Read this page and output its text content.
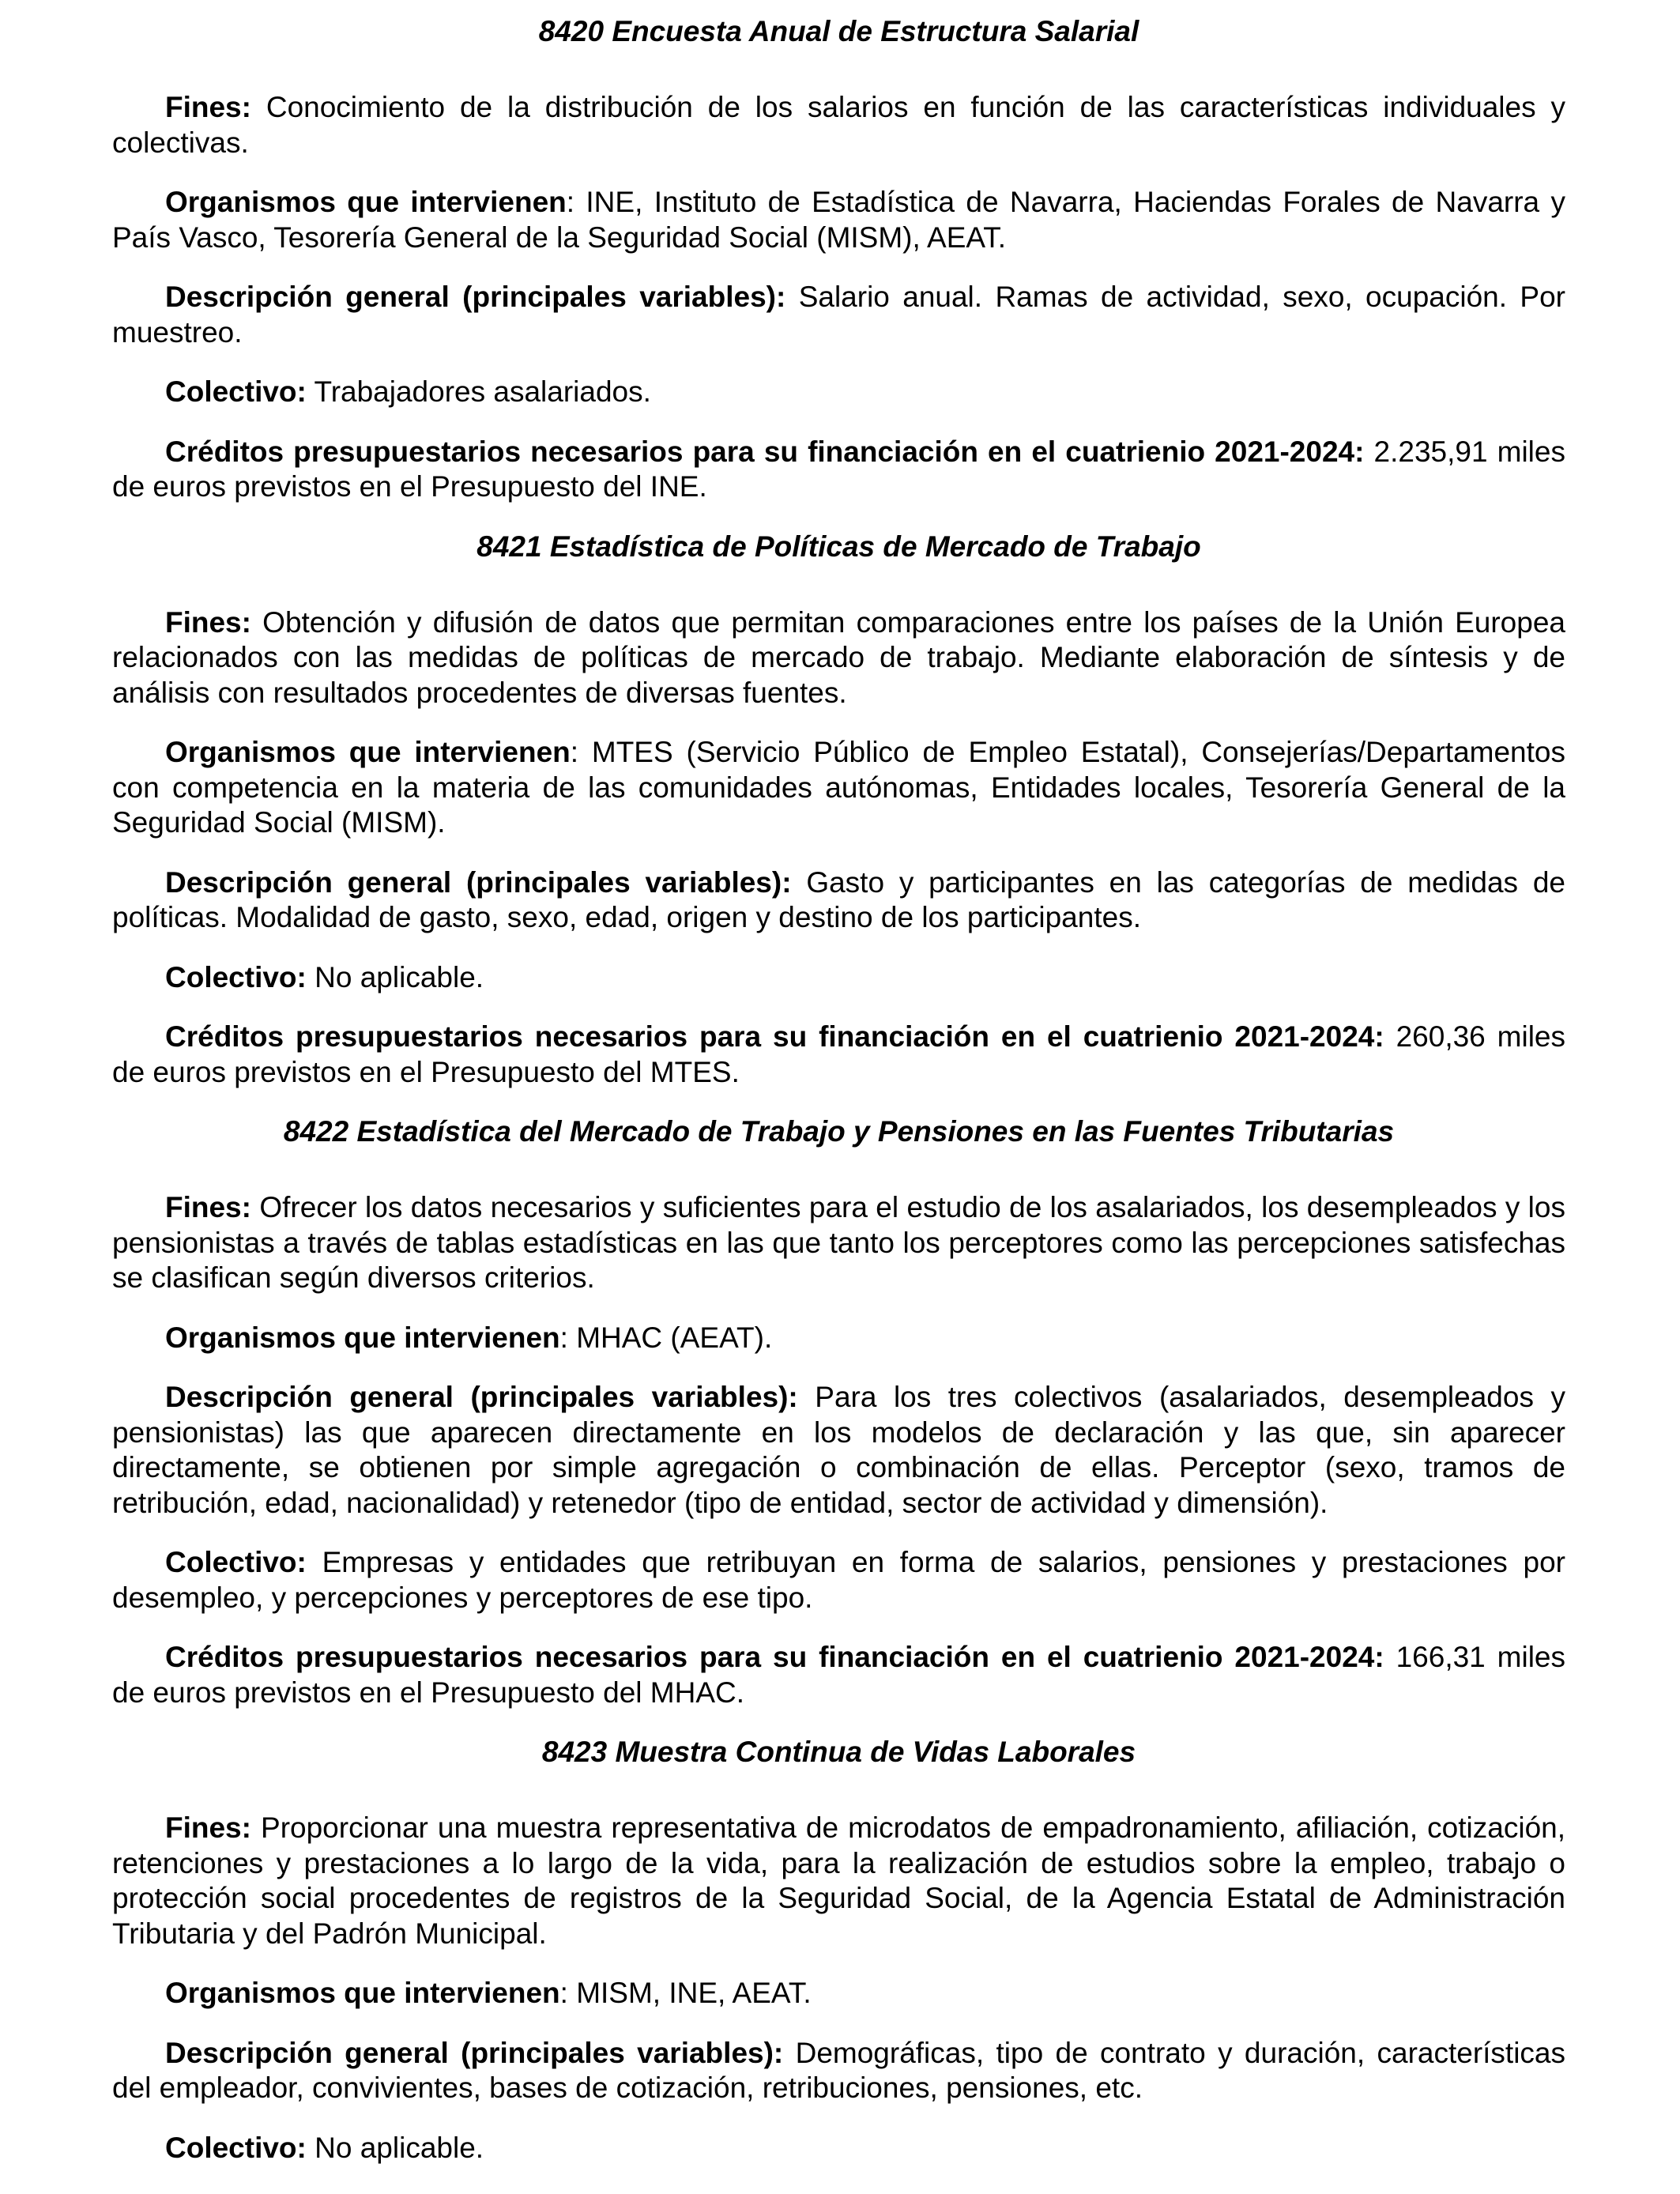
8420 Encuesta Anual de Estructura Salarial

Fines: Conocimiento de la distribución de los salarios en función de las características individuales y colectivas.

Organismos que intervienen: INE, Instituto de Estadística de Navarra, Haciendas Forales de Navarra y País Vasco, Tesorería General de la Seguridad Social (MISM), AEAT.

Descripción general (principales variables): Salario anual. Ramas de actividad, sexo, ocupación. Por muestreo.

Colectivo: Trabajadores asalariados.

Créditos presupuestarios necesarios para su financiación en el cuatrienio 2021-2024: 2.235,91 miles de euros previstos en el Presupuesto del INE.

8421 Estadística de Políticas de Mercado de Trabajo

Fines: Obtención y difusión de datos que permitan comparaciones entre los países de la Unión Europea relacionados con las medidas de políticas de mercado de trabajo. Mediante elaboración de síntesis y de análisis con resultados procedentes de diversas fuentes.

Organismos que intervienen: MTES (Servicio Público de Empleo Estatal), Consejerías/Departamentos con competencia en la materia de las comunidades autónomas, Entidades locales, Tesorería General de la Seguridad Social (MISM).

Descripción general (principales variables): Gasto y participantes en las categorías de medidas de políticas. Modalidad de gasto, sexo, edad, origen y destino de los participantes.

Colectivo: No aplicable.

Créditos presupuestarios necesarios para su financiación en el cuatrienio 2021-2024: 260,36 miles de euros previstos en el Presupuesto del MTES.

8422 Estadística del Mercado de Trabajo y Pensiones en las Fuentes Tributarias

Fines: Ofrecer los datos necesarios y suficientes para el estudio de los asalariados, los desempleados y los pensionistas a través de tablas estadísticas en las que tanto los perceptores como las percepciones satisfechas se clasifican según diversos criterios.

Organismos que intervienen: MHAC (AEAT).

Descripción general (principales variables): Para los tres colectivos (asalariados, desempleados y pensionistas) las que aparecen directamente en los modelos de declaración y las que, sin aparecer directamente, se obtienen por simple agregación o combinación de ellas. Perceptor (sexo, tramos de retribución, edad, nacionalidad) y retenedor (tipo de entidad, sector de actividad y dimensión).

Colectivo: Empresas y entidades que retribuyan en forma de salarios, pensiones y prestaciones por desempleo, y percepciones y perceptores de ese tipo.

Créditos presupuestarios necesarios para su financiación en el cuatrienio 2021-2024: 166,31 miles de euros previstos en el Presupuesto del MHAC.

8423 Muestra Continua de Vidas Laborales

Fines: Proporcionar una muestra representativa de microdatos de empadronamiento, afiliación, cotización, retenciones y prestaciones a lo largo de la vida, para la realización de estudios sobre la empleo, trabajo o protección social procedentes de registros de la Seguridad Social, de la Agencia Estatal de Administración Tributaria y del Padrón Municipal.

Organismos que intervienen: MISM, INE, AEAT.

Descripción general (principales variables): Demográficas, tipo de contrato y duración, características del empleador, convivientes, bases de cotización, retribuciones, pensiones, etc.

Colectivo: No aplicable.
